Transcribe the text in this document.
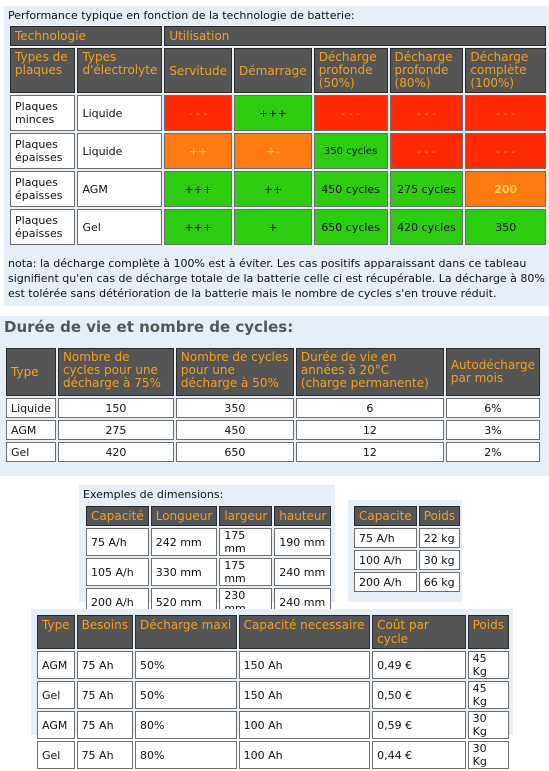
Performance typique en fonction de la technologie de batterie:
Technologie		Utilisation				
Types de plaques	Types d'électrolyte	Servitude	Démarrage	Décharge profonde (50%)	Décharge profonde (80%)	Décharge complète (100%)
Plaques minces	Liquide	- - -	+++	- - -	- - -	- - -
Plaques épaisses	Liquide	++	+-	350 cycles	- - -	- - -
Plaques épaisses	AGM	+++	++	450 cycles	275 cycles	200
Plaques épaisses	Gel	+++	+	650 cycles	420 cycles	350
nota: la décharge complète à 100% est à éviter. Les cas positifs apparaissant dans ce tableau signifient qu'en cas de décharge totale de la batterie celle ci est récupérable. La décharge à 80% est tolérée sans détérioration de la batterie mais le nombre de cycles s'en trouve réduit.
Durée de vie et nombre de cycles:
Type	Nombre de cycles pour une décharge à 75%	Nombre de cycles pour une décharge à 50%	Durée de vie en années à 20°C (charge permanente)	Autodécharge par mois
Liquide	150	350	6	6%
AGM	275	450	12	3%
Gel	420	650	12	2%
Exemples de dimensions:
Capacité	Longueur	largeur	hauteur
75 A/h	242 mm	175 mm	190 mm
105 A/h	330 mm	175 mm	240 mm
200 A/h	520 mm	230	240 mm
Capacite	Poids
75 A/h	22 kg
100 A/h	30 kg
200 A/h	66 kg
Type	Besoins	Décharge maxi	Capacité necessaire	Coût par cycle	Poids
AGM	75 Ah	50%	150 Ah	0,49 €	45 Kg
Gel	75 Ah	50%	150 Ah	0,50 €	45 Kg
AGM	75 Ah	80%	100 Ah	0,59 €	30 Kg
Gel	75 Ah	80%	100 Ah	0,44 €	30 Kg
